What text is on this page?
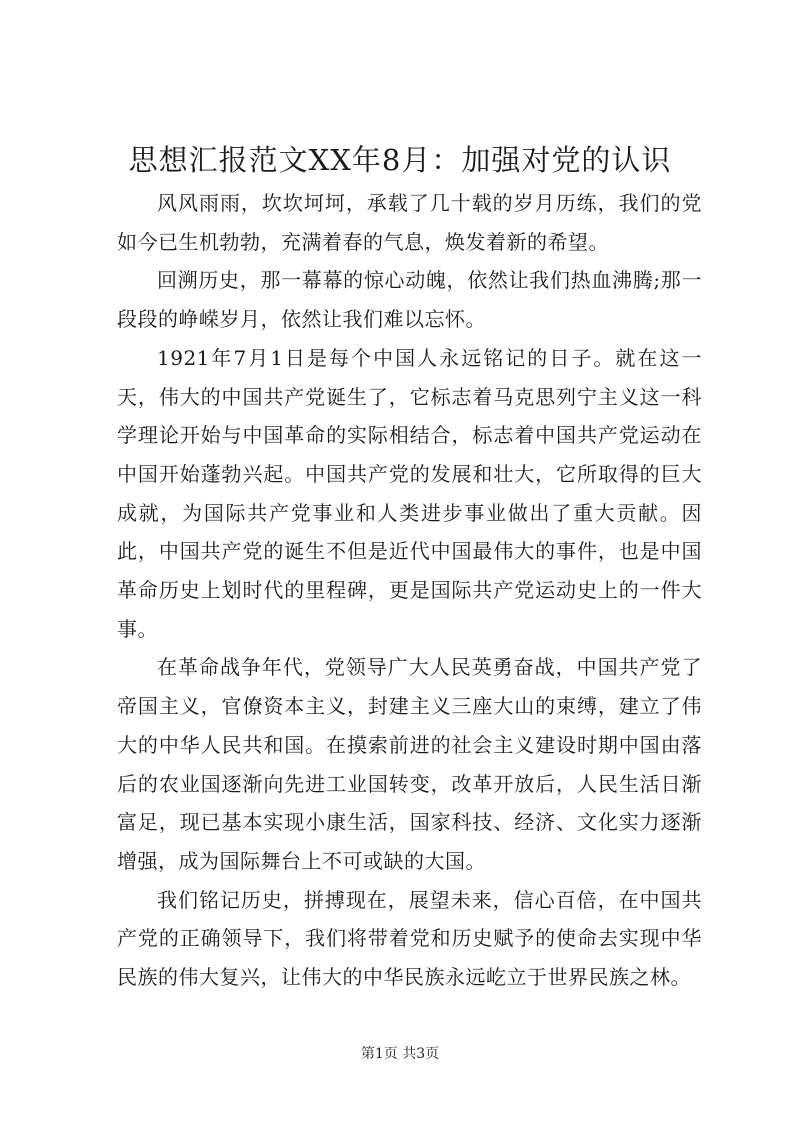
思想汇报范文XX年8月：加强对党的认识

风风雨雨，坎坎坷坷，承载了几十载的岁月历练，我们的党如今已生机勃勃，充满着春的气息，焕发着新的希望。

回溯历史，那一幕幕的惊心动魄，依然让我们热血沸腾;那一段段的峥嵘岁月，依然让我们难以忘怀。

1921年7月1日是每个中国人永远铭记的日子。就在这一天，伟大的中国共产党诞生了，它标志着马克思列宁主义这一科学理论开始与中国革命的实际相结合，标志着中国共产党运动在中国开始蓬勃兴起。中国共产党的发展和壮大，它所取得的巨大成就，为国际共产党事业和人类进步事业做出了重大贡献。因此，中国共产党的诞生不但是近代中国最伟大的事件，也是中国革命历史上划时代的里程碑，更是国际共产党运动史上的一件大事。

在革命战争年代，党领导广大人民英勇奋战，中国共产党了帝国主义，官僚资本主义，封建主义三座大山的束缚，建立了伟大的中华人民共和国。在摸索前进的社会主义建设时期中国由落后的农业国逐渐向先进工业国转变，改革开放后，人民生活日渐富足，现已基本实现小康生活，国家科技、经济、文化实力逐渐增强，成为国际舞台上不可或缺的大国。

我们铭记历史，拼搏现在，展望未来，信心百倍，在中国共产党的正确领导下，我们将带着党和历史赋予的使命去实现中华民族的伟大复兴，让伟大的中华民族永远屹立于世界民族之林。

第1页 共3页
